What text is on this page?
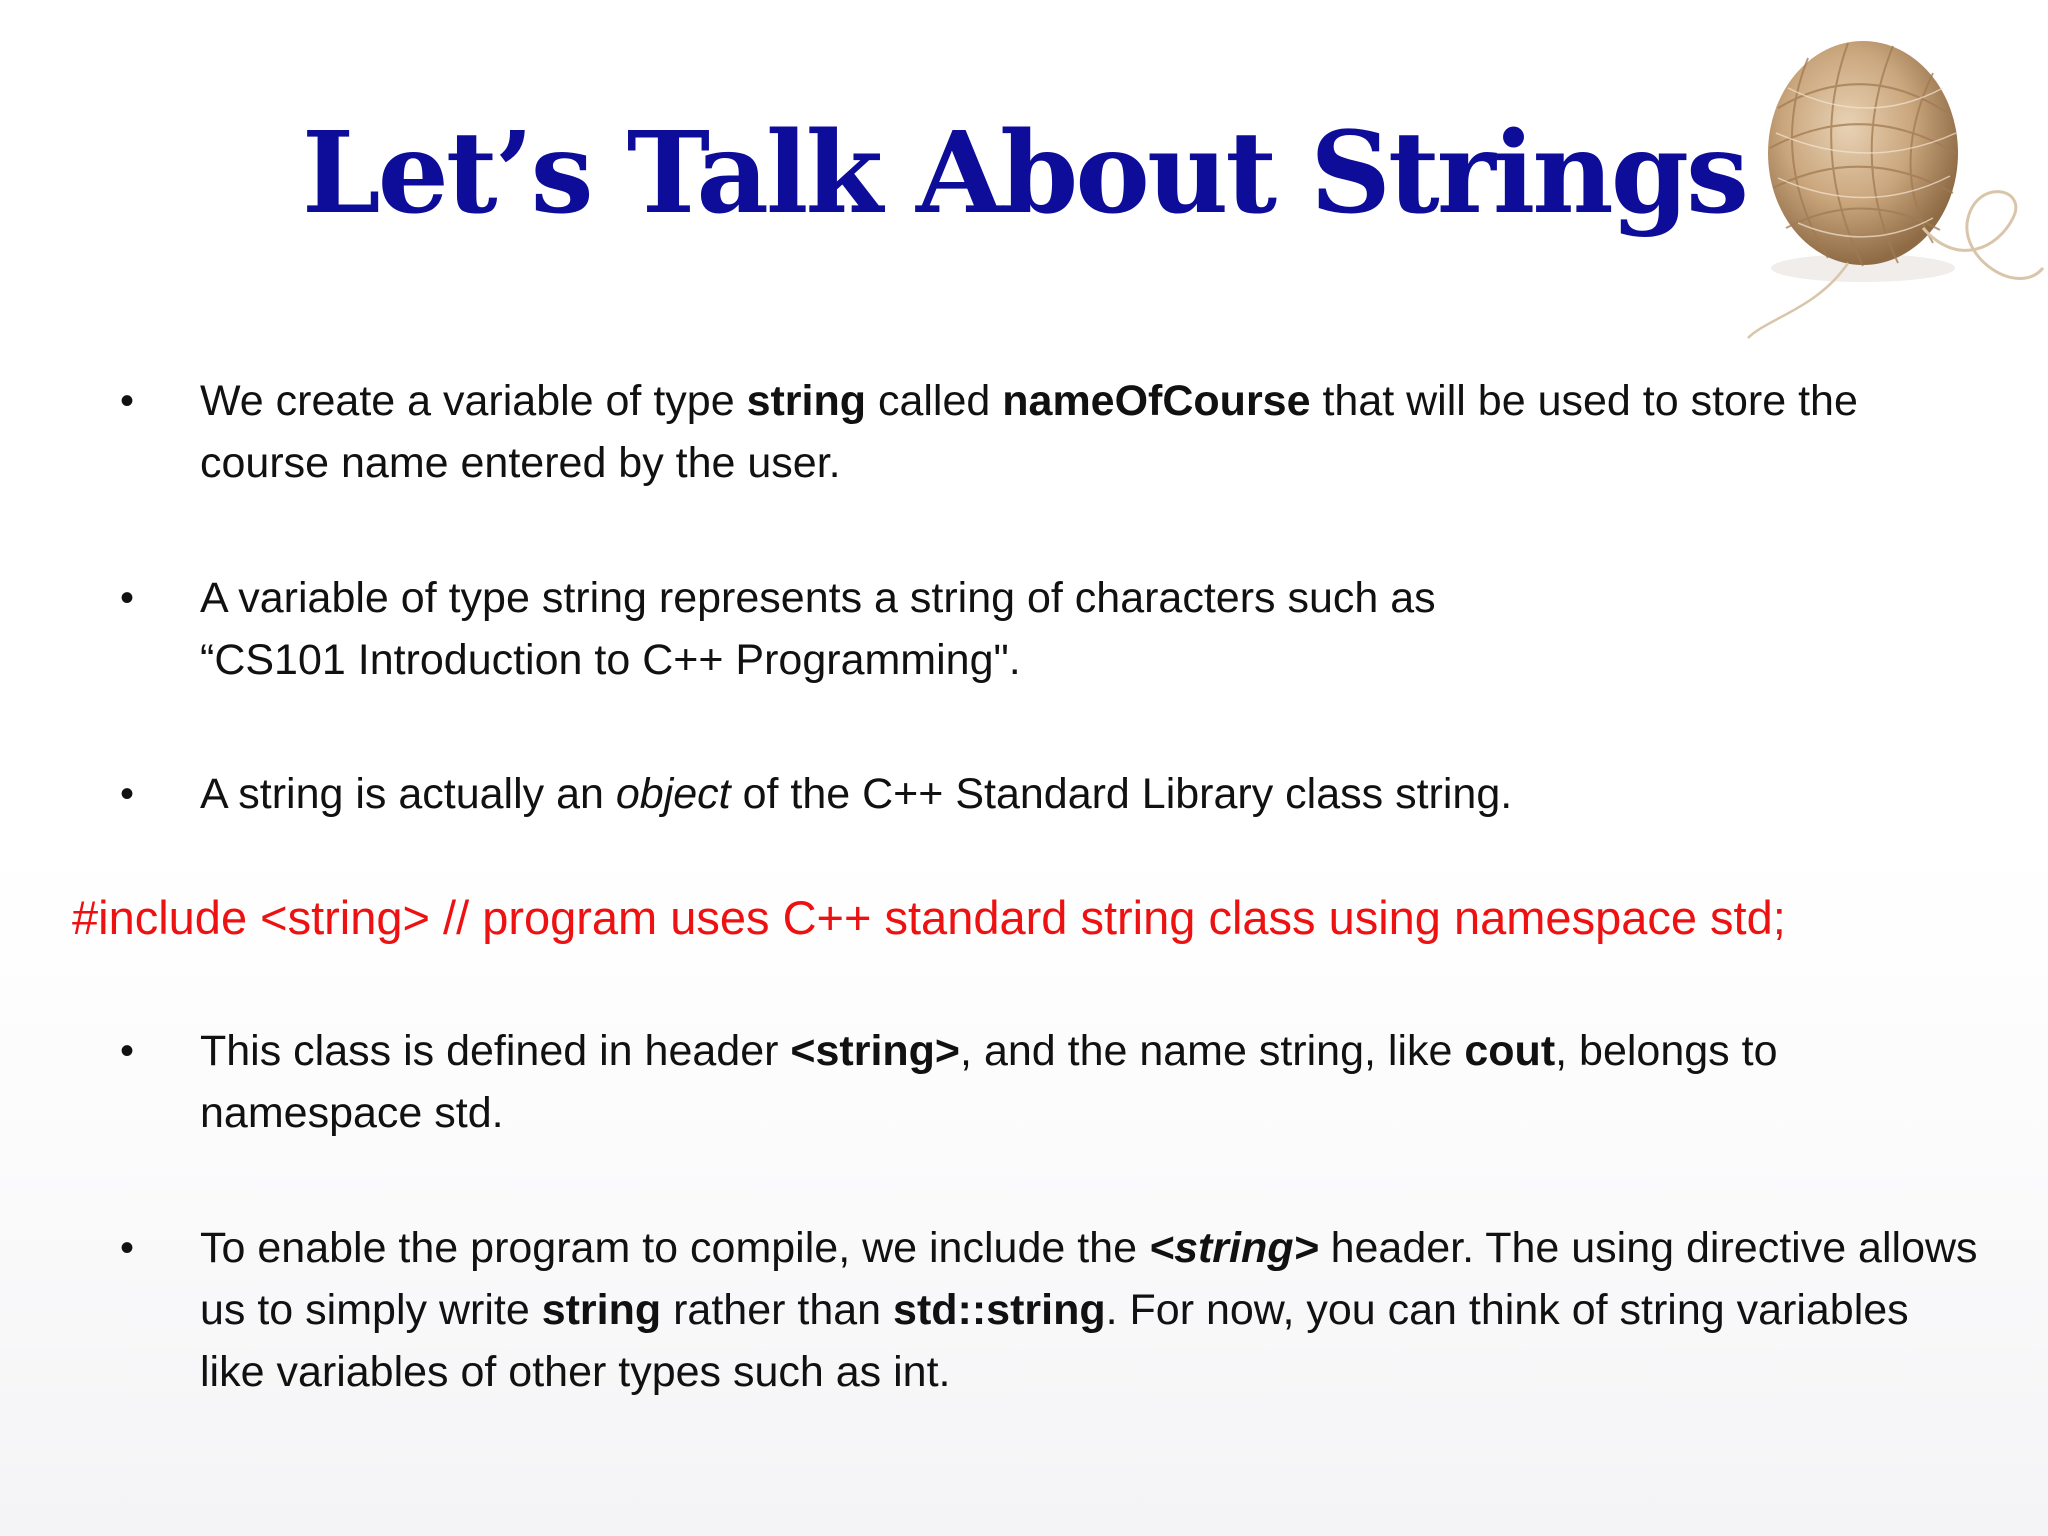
Let’s Talk About Strings
•	We create a variable of type string called nameOfCourse that will be used to store the course name entered by the user.
•	A variable of type string represents a string of characters such as
“CS101 Introduction to C++ Programming".
•	A string is actually an object of the C++ Standard Library class string.
#include <string> // program uses C++ standard string class using namespace std;
•	This class is defined in header <string>, and the name string, like cout, belongs to namespace std.
•	To enable the program to compile, we include the <string> header. The using directive allows us to simply write string rather than std::string. For now, you can think of string variables like variables of other types such as int.
